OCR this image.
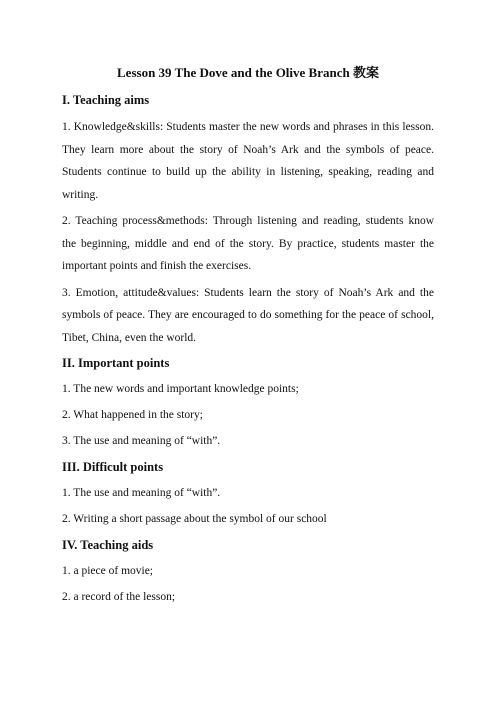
Lesson 39 The Dove and the Olive Branch 教案
I. Teaching aims

1. Knowledge&skills: Students master the new words and phrases in this lesson. They learn more about the story of Noah’s Ark and the symbols of peace. Students continue to build up the ability in listening, speaking, reading and writing.

2. Teaching process&methods: Through listening and reading, students know the beginning, middle and end of the story. By practice, students master the important points and finish the exercises.

3. Emotion, attitude&values: Students learn the story of Noah’s Ark and the symbols of peace. They are encouraged to do something for the peace of school, Tibet, China, even the world.

II. Important points
1. The new words and important knowledge points;
2. What happened in the story;
3. The use and meaning of “with”.
III. Difficult points
1. The use and meaning of “with”.
2. Writing a short passage about the symbol of our school
IV. Teaching aids
1. a piece of movie;
2. a record of the lesson;
